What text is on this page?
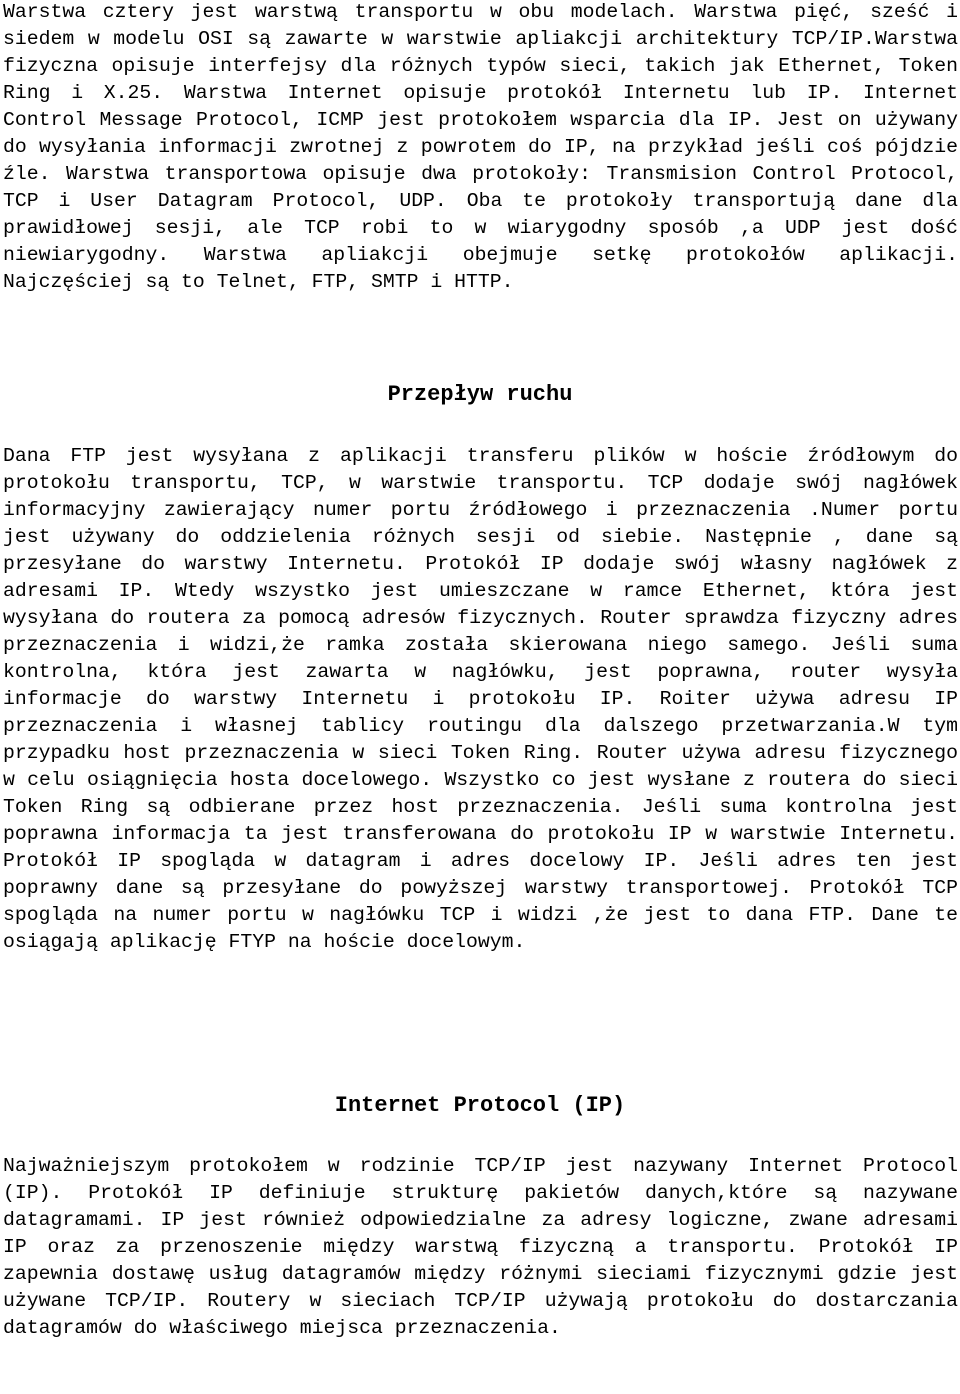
Warstwa cztery jest warstwą transportu w obu modelach. Warstwa pięć, sześć i siedem w modelu OSI są zawarte w warstwie apliakcji architektury TCP/IP.Warstwa fizyczna opisuje interfejsy dla różnych typów sieci, takich jak Ethernet, Token Ring i X.25. Warstwa Internet opisuje protokół Internetu lub IP. Internet Control Message Protocol, ICMP jest protokołem wsparcia dla IP. Jest on używany do wysyłania informacji zwrotnej z powrotem do IP, na przykład jeśli coś pójdzie źle. Warstwa transportowa opisuje dwa protokoły: Transmision Control Protocol, TCP i User Datagram Protocol, UDP. Oba te protokoły transportują dane dla prawidłowej sesji, ale TCP robi to w wiarygodny sposób ,a UDP jest dość niewiarygodny. Warstwa apliakcji obejmuje setkę protokołów aplikacji. Najczęściej są to Telnet, FTP, SMTP i HTTP.

Przepływ ruchu

Dana FTP jest wysyłana z aplikacji transferu plików w hoście źródłowym do protokołu transportu, TCP, w warstwie transportu. TCP dodaje swój nagłówek informacyjny zawierający numer portu źródłowego i przeznaczenia .Numer portu jest używany do oddzielenia różnych sesji od siebie. Następnie , dane są przesyłane do warstwy Internetu. Protokół IP dodaje swój własny nagłówek z adresami IP. Wtedy wszystko jest umieszczane w ramce Ethernet, która jest wysyłana do routera za pomocą adresów fizycznych. Router sprawdza fizyczny adres przeznaczenia i widzi,że ramka została skierowana niego samego. Jeśli suma kontrolna, która jest zawarta w nagłówku, jest poprawna, router wysyła informacje do warstwy Internetu i protokołu IP. Roiter używa adresu IP przeznaczenia i własnej tablicy routingu dla dalszego przetwarzania.W tym przypadku host przeznaczenia w sieci Token Ring. Router używa adresu fizycznego w celu osiągnięcia hosta docelowego. Wszystko co jest wysłane z routera do sieci Token Ring są odbierane przez host przeznaczenia. Jeśli suma kontrolna jest poprawna informacja ta jest transferowana do protokołu IP w warstwie Internetu. Protokół IP spogląda w datagram i adres docelowy IP. Jeśli adres ten jest poprawny dane są przesyłane do powyższej warstwy transportowej. Protokół TCP spogląda na numer portu w nagłówku TCP i widzi ,że jest to dana FTP. Dane te osiągają aplikację FTYP na hoście docelowym.

Internet Protocol (IP)

Najważniejszym protokołem w rodzinie TCP/IP jest nazywany Internet Protocol (IP). Protokół IP definiuje strukturę pakietów danych,które są nazywane datagramami. IP jest również odpowiedzialne za adresy logiczne, zwane adresami IP oraz za przenoszenie między warstwą fizyczną a transportu. Protokół IP zapewnia dostawę usług datagramów między różnymi sieciami fizycznymi gdzie jest używane TCP/IP. Routery w sieciach TCP/IP używają protokołu do dostarczania datagramów do właściwego miejsca przeznaczenia.
